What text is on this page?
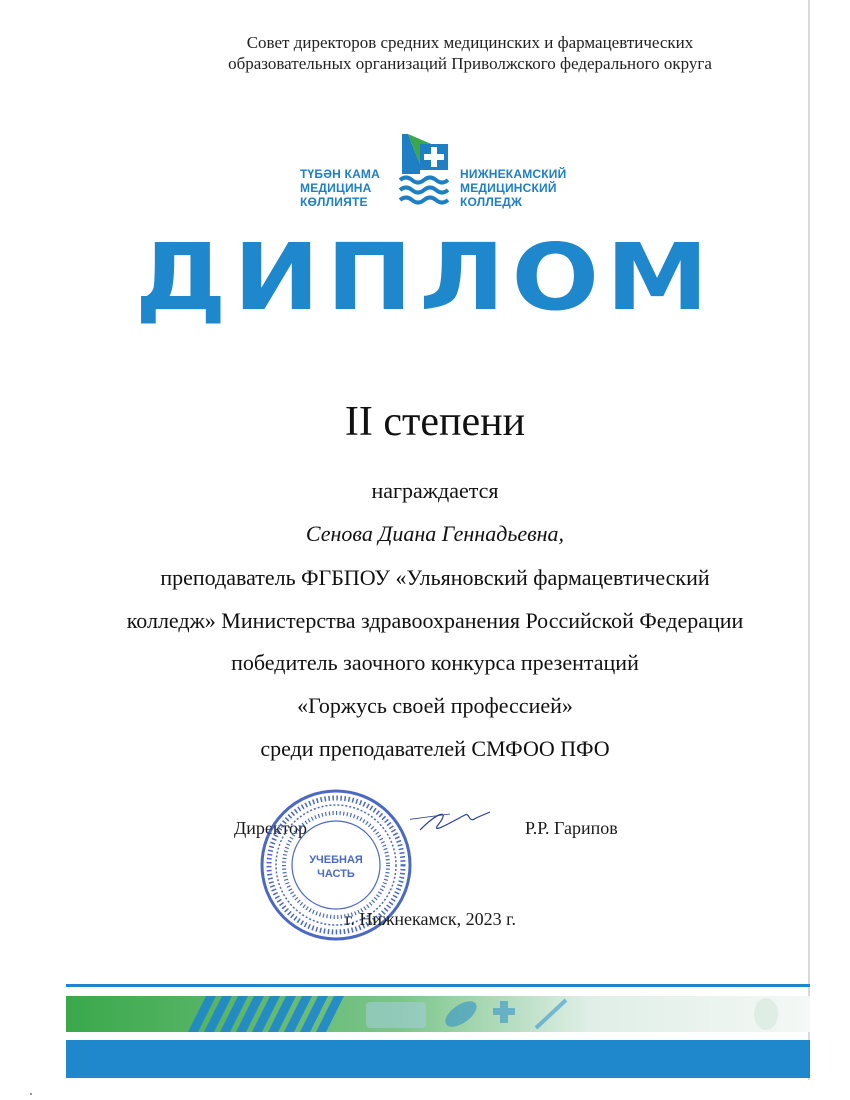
Совет директоров средних медицинских и фармацевтических
образовательных организаций Приволжского федерального округа
ТҮБӘН КАМА
МЕДИЦИНА
КӨЛЛИЯТЕ
НИЖНЕКАМСКИЙ
МЕДИЦИНСКИЙ
КОЛЛЕДЖ
ДИПЛОМ
II степени
награждается
Сенова Диана Геннадьевна,
преподаватель ФГБПОУ «Ульяновский фармацевтический
колледж» Министерства здравоохранения Российской Федерации
победитель заочного конкурса презентаций
«Горжусь своей профессией»
среди преподавателей СМФОО ПФО
Директор	Р.Р. Гарипов
УЧЕБНАЯ
ЧАСТЬ
г. Нижнекамск, 2023 г.
